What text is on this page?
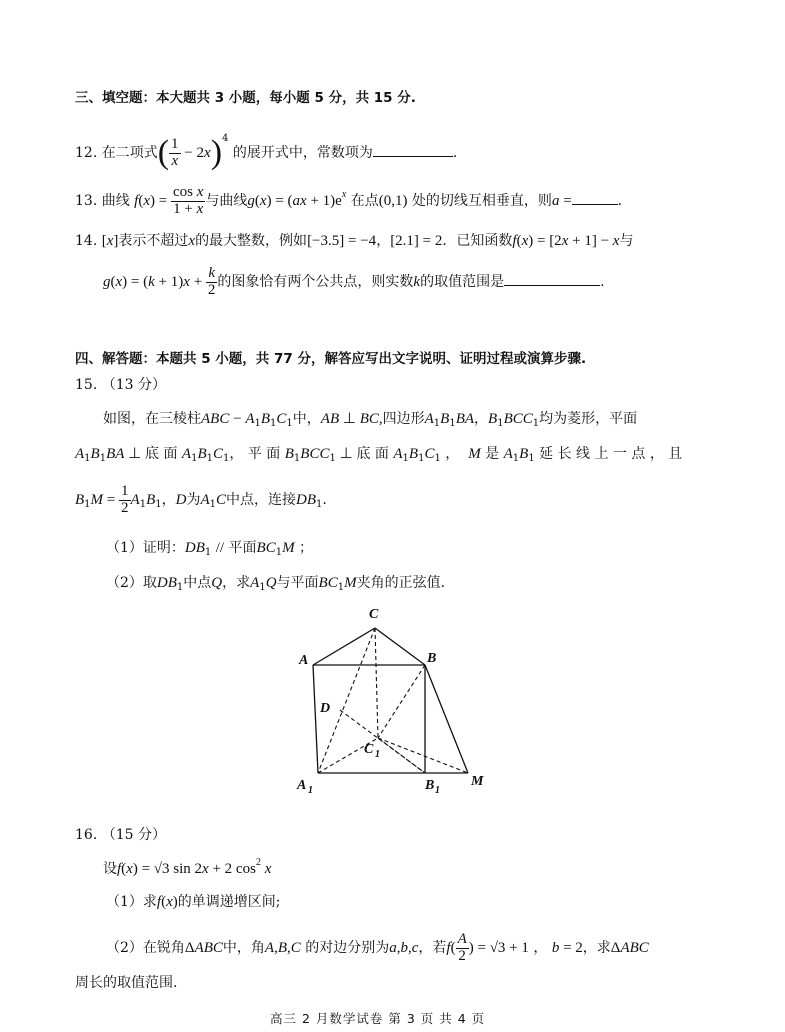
三、填空题：本大题共 3 小题，每小题 5 分，共 15 分.
12. 在二项式( $\frac{1}{x} - 2x)^4$ 的展开式中，常数项为	.
13. 曲线 $f(x) = \frac{\text{cos x}}{1 + x}$ 与曲线$g(x) = (ax + 1)e^x$ 在点(0,1) 处的切线互相垂直，则a =	.
14. [x]表示不超过x的最大整数，例如[−3.5] = −4，[2.1] = 2．已知函数f(x) = [2x + 1] − x与
$g(x) = (k + 1)x + \frac{k}{2}$ 的图象恰有两个公共点，则实数k的取值范围是	.
四、解答题：本题共 5 小题，共 77 分，解答应写出文字说明、证明过程或演算步骤.
15. （13 分）
如图，在三棱柱ABC − $A_1B_1C_1$中，AB ⊥ BC,四边形$A_1B_1BA$，$B_1BCC_1$均为菱形，平面
$A_1B_1BA$ ⊥ 底 面 $A_1B_1C_1$， 平 面 $B_1BCC_1$ ⊥ 底 面 $A_1B_1C_1$ ，  M 是 $A_1B_1$ 延 长 线 上 一 点 ， 且
$B_1M = \frac{1}{2} A_1B_1$，D为$A_1C$中点，连接$DB_1$.
（1）证明：$DB_1$ // 平面$BC_1M$ ；
（2）取$DB_1$中点Q，求$A_1Q$与平面$BC_1M$夹角的正弦值.
C
A	B
D
C 1
A 1	B 1
M
16. （15 分）
设f(x) = √3 sin 2x + 2 $\cos^2 x$
（1）求f(x)的单调递增区间;
（2）在锐角ΔABC中，角A,B,C 的对边分别为a,b,c，若$f( \frac{A}{2}$ ) = √3 + 1 ， b = 2，求ΔABC
周长的取值范围.
高三 2 月数学试卷 第 3 页 共 4 页
